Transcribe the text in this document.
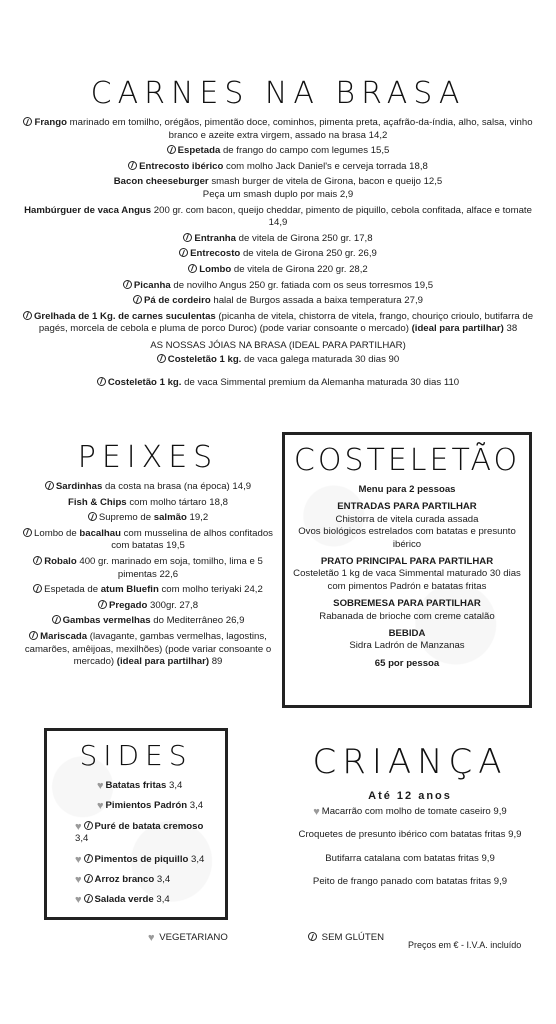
CARNES NA BRASA
Frango marinado em tomilho, orégãos, pimentão doce, cominhos, pimenta preta, açafrão-da-índia, alho, salsa, vinho branco e azeite extra virgem, assado na brasa 14,2
Espetada de frango do campo com legumes 15,5
Entrecosto ibérico com molho Jack Daniel's e cerveja torrada 18,8
Bacon cheeseburger smash burger de vitela de Girona, bacon e queijo 12,5
Peça um smash duplo por mais 2,9
Hambúrguer de vaca Angus 200 gr. com bacon, queijo cheddar, pimento de piquillo, cebola confitada, alface e tomate 14,9
Entranha de vitela de Girona 250 gr. 17,8
Entrecosto de vitela de Girona 250 gr. 26,9
Lombo de vitela de Girona 220 gr. 28,2
Picanha de novilho Angus 250 gr. fatiada com os seus torresmos 19,5
Pá de cordeiro halal de Burgos assada a baixa temperatura 27,9
Grelhada de 1 Kg. de carnes suculentas (picanha de vitela, chistorra de vitela, frango, chouriço crioulo, butifarra de pagés, morcela de cebola e pluma de porco Duroc) (pode variar consoante o mercado) (ideal para partilhar) 38
AS NOSSAS JÓIAS NA BRASA (IDEAL PARA PARTILHAR)
Costeletão 1 kg. de vaca galega maturada 30 dias 90
Costeletão 1 kg. de vaca Simmental premium da Alemanha maturada 30 dias 110
PEIXES
Sardinhas da costa na brasa (na época) 14,9
Fish & Chips com molho tártaro 18,8
Supremo de salmão 19,2
Lombo de bacalhau com musselina de alhos confitados com batatas 19,5
Robalo 400 gr. marinado em soja, tomilho, lima e 5 pimentas 22,6
Espetada de atum Bluefin com molho teriyaki 24,2
Pregado 300gr. 27,8
Gambas vermelhas do Mediterrâneo 26,9
Mariscada (lavagante, gambas vermelhas, lagostins, camarões, amêijoas, mexilhões) (pode variar consoante o mercado) (ideal para partilhar) 89
COSTELETÃO
Menu para 2 pessoas
ENTRADAS PARA PARTILHAR
Chistorra de vitela curada assada
Ovos biológicos estrelados com batatas e presunto ibérico
PRATO PRINCIPAL PARA PARTILHAR
Costeletão 1 kg de vaca Simmental maturado 30 dias com pimentos Padrón e batatas fritas
SOBREMESA PARA PARTILHAR
Rabanada de brioche com creme catalão
BEBIDA
Sidra Ladrón de Manzanas
65 por pessoa
SIDES
♥ Batatas fritas 3,4
♥ Pimientos Padrón 3,4
♥ Puré de batata cremoso 3,4
♥ Pimentos de piquillo 3,4
♥ Arroz branco 3,4
♥ Salada verde 3,4
CRIANÇA
Até 12 anos
♥ Macarrão com molho de tomate caseiro 9,9
Croquetes de presunto ibérico com batatas fritas 9,9
Butifarra catalana com batatas fritas 9,9
Peito de frango panado com batatas fritas 9,9
♥ VEGETARIANO	SEM GLÚTEN
Preços em € - I.V.A. incluído
